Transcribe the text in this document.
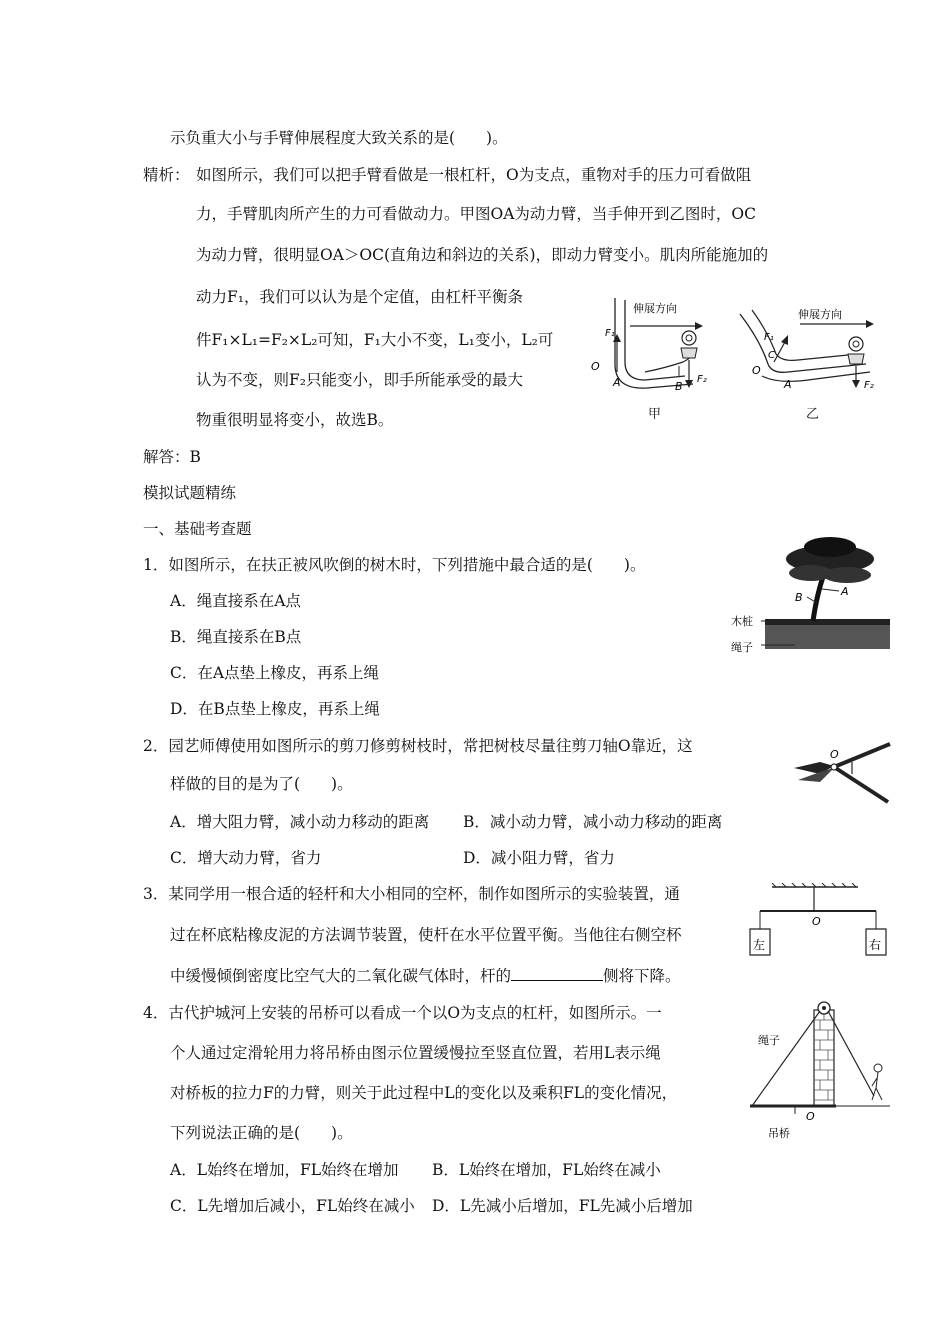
示负重大小与手臂伸展程度大致关系的是(　　)。
精析： 如图所示，我们可以把手臂看做是一根杠杆，O为支点，重物对手的压力可看做阻
力，手臂肌肉所产生的力可看做动力。甲图OA为动力臂，当手伸开到乙图时，OC
为动力臂，很明显OA＞OC(直角边和斜边的关系)，即动力臂变小。肌肉所能施加的
动力F₁，我们可以认为是个定值，由杠杆平衡条
件F₁×L₁=F₂×L₂可知，F₁大小不变，L₁变小，L₂可
认为不变，则F₂只能变小，即手所能承受的最大
物重很明显将变小，故选B。
伸展方向
F₁
O
A	B
F₂
甲
伸展方向
F₁
C
O
A	F₂
乙
解答：B
模拟试题精练
一、基础考查题
1．如图所示，在扶正被风吹倒的树木时，下列措施中最合适的是(　　)。
A．绳直接系在A点
B．绳直接系在B点
C．在A点垫上橡皮，再系上绳
D．在B点垫上橡皮，再系上绳
A
B
木桩
绳子
2．园艺师傅使用如图所示的剪刀修剪树枝时，常把树枝尽量往剪刀轴O靠近，这
样做的目的是为了(　　)。
A．增大阻力臂，减小动力移动的距离 B．减小动力臂，减小动力移动的距离
C．增大动力臂，省力	D．减小阻力臂，省力
O
3．某同学用一根合适的轻杆和大小相同的空杯，制作如图所示的实验装置，通
过在杯底粘橡皮泥的方法调节装置，使杆在水平位置平衡。当他往右侧空杯
中缓慢倾倒密度比空气大的二氧化碳气体时，杆的	侧将下降。
O
左	右
4．古代护城河上安装的吊桥可以看成一个以O为支点的杠杆，如图所示。一
个人通过定滑轮用力将吊桥由图示位置缓慢拉至竖直位置，若用L表示绳
对桥板的拉力F的力臂，则关于此过程中L的变化以及乘积FL的变化情况，
下列说法正确的是(　　)。
A．L始终在增加，FL始终在增加 B．L始终在增加，FL始终在减小
C．L先增加后减小，FL始终在减小 D．L先减小后增加，FL先减小后增加
绳子
O
吊桥
